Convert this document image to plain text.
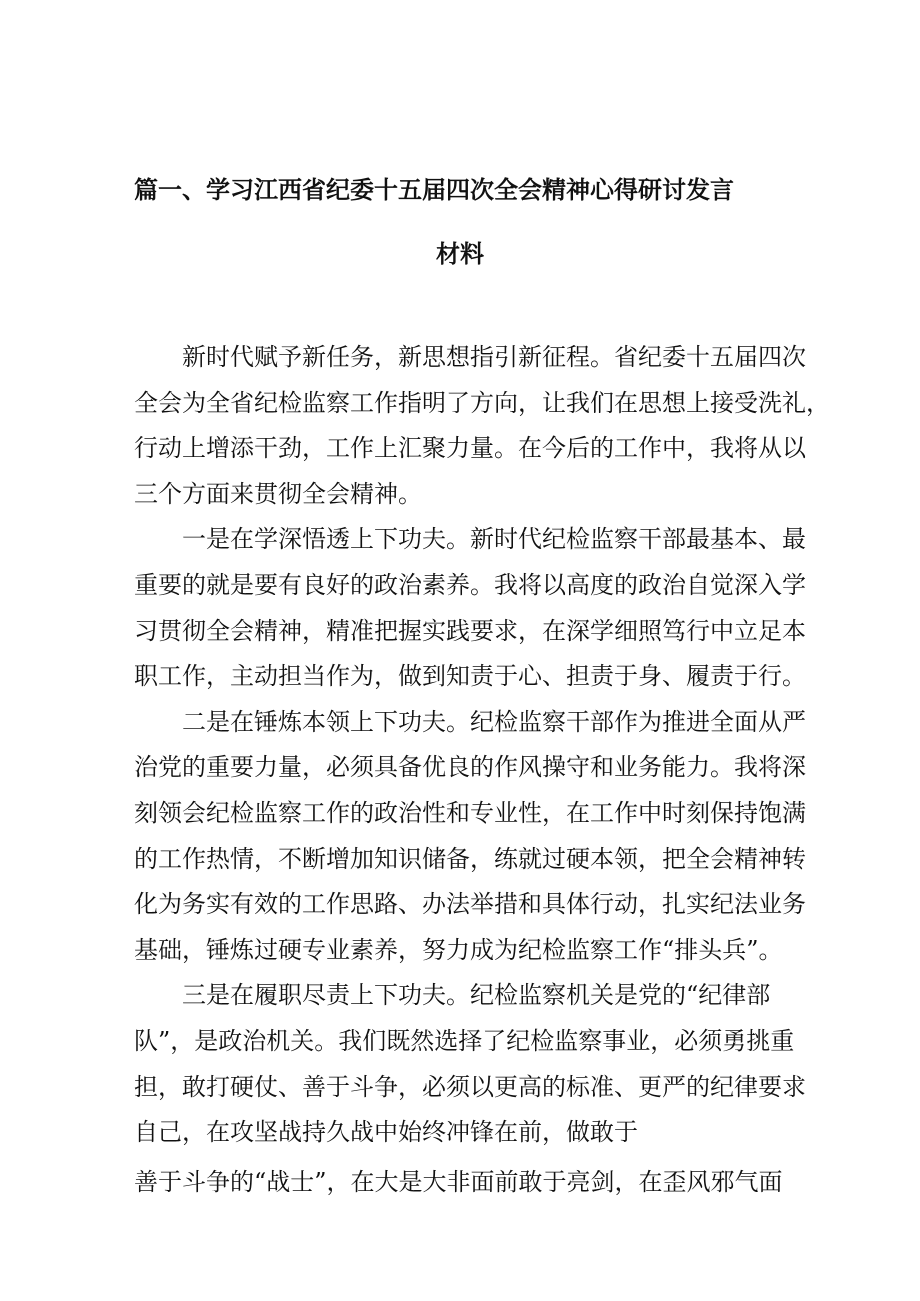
篇一、学习江西省纪委十五届四次全会精神心得研讨发言
材料
新时代赋予新任务，新思想指引新征程。省纪委十五届四次
全会为全省纪检监察工作指明了方向，让我们在思想上接受洗礼，
行动上增添干劲，工作上汇聚力量。在今后的工作中，我将从以
三个方面来贯彻全会精神。
一是在学深悟透上下功夫。新时代纪检监察干部最基本、最
重要的就是要有良好的政治素养。我将以高度的政治自觉深入学
习贯彻全会精神，精准把握实践要求，在深学细照笃行中立足本
职工作，主动担当作为，做到知责于心、担责于身、履责于行。
二是在锤炼本领上下功夫。纪检监察干部作为推进全面从严
治党的重要力量，必须具备优良的作风操守和业务能力。我将深
刻领会纪检监察工作的政治性和专业性，在工作中时刻保持饱满
的工作热情，不断增加知识储备，练就过硬本领，把全会精神转
化为务实有效的工作思路、办法举措和具体行动，扎实纪法业务
基础，锤炼过硬专业素养，努力成为纪检监察工作“排头兵”。
三是在履职尽责上下功夫。纪检监察机关是党的“纪律部
队”，是政治机关。我们既然选择了纪检监察事业，必须勇挑重
担，敢打硬仗、善于斗争，必须以更高的标准、更严的纪律要求
自己，在攻坚战持久战中始终冲锋在前，做敢于
善于斗争的“战士”，在大是大非面前敢于亮剑，在歪风邪气面
